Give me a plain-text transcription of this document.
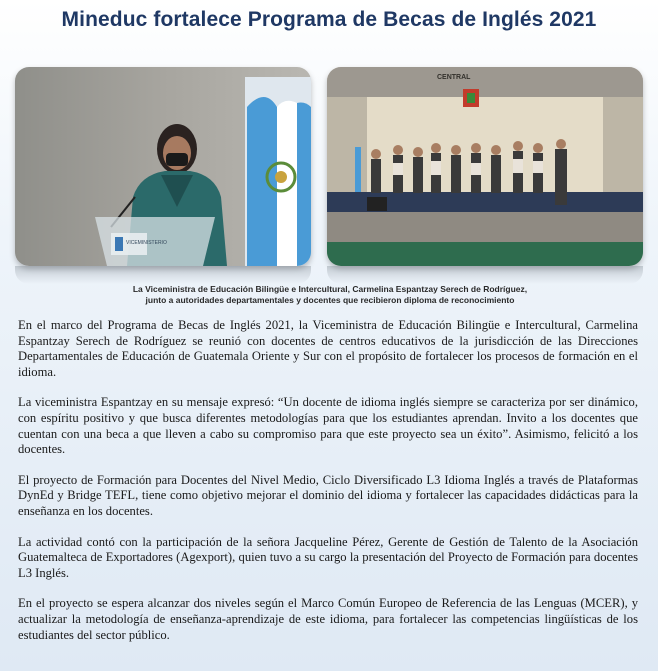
Mineduc fortalece Programa de Becas de Inglés 2021
VICEMINISTERIO
CENTRAL
La Viceministra de Educación Bilingüe e Intercultural, Carmelina Espantzay Serech de Rodríguez,
junto a autoridades departamentales y docentes que recibieron diploma de reconocimiento

En el marco del Programa de Becas de Inglés 2021, la Viceministra de Educación Bilingüe e Intercultural, Carmelina Espantzay Serech de Rodríguez se reunió con docentes de centros educativos de la jurisdicción de las Direcciones Departamentales de Educación de Guatemala Oriente y Sur con el propósito de fortalecer los procesos de formación en el idioma.

La viceministra Espantzay en su mensaje expresó: “Un docente de idioma inglés siempre se caracteriza por ser dinámico, con espíritu positivo y que busca diferentes metodologías para que los estudiantes aprendan. Invito a los docentes que cuentan con una beca a que lleven a cabo su compromiso para que este proyecto sea un éxito”. Asimismo, felicitó a los docentes.

El proyecto de Formación para Docentes del Nivel Medio, Ciclo Diversificado L3 Idioma Inglés a través de Plataformas DynEd y Bridge TEFL, tiene como objetivo mejorar el dominio del idioma y fortalecer las capacidades didácticas para la enseñanza en los docentes.

La actividad contó con la participación de la señora Jacqueline Pérez, Gerente de Gestión de Talento de la Asociación Guatemalteca de Exportadores (Agexport), quien tuvo a su cargo la presentación del Proyecto de Formación para docentes L3 Inglés.

En el proyecto se espera alcanzar dos niveles según el Marco Común Europeo de Referencia de las Lenguas (MCER), y actualizar la metodología de enseñanza-aprendizaje de este idioma, para fortalecer las competencias lingüísticas de los estudiantes del sector público.
